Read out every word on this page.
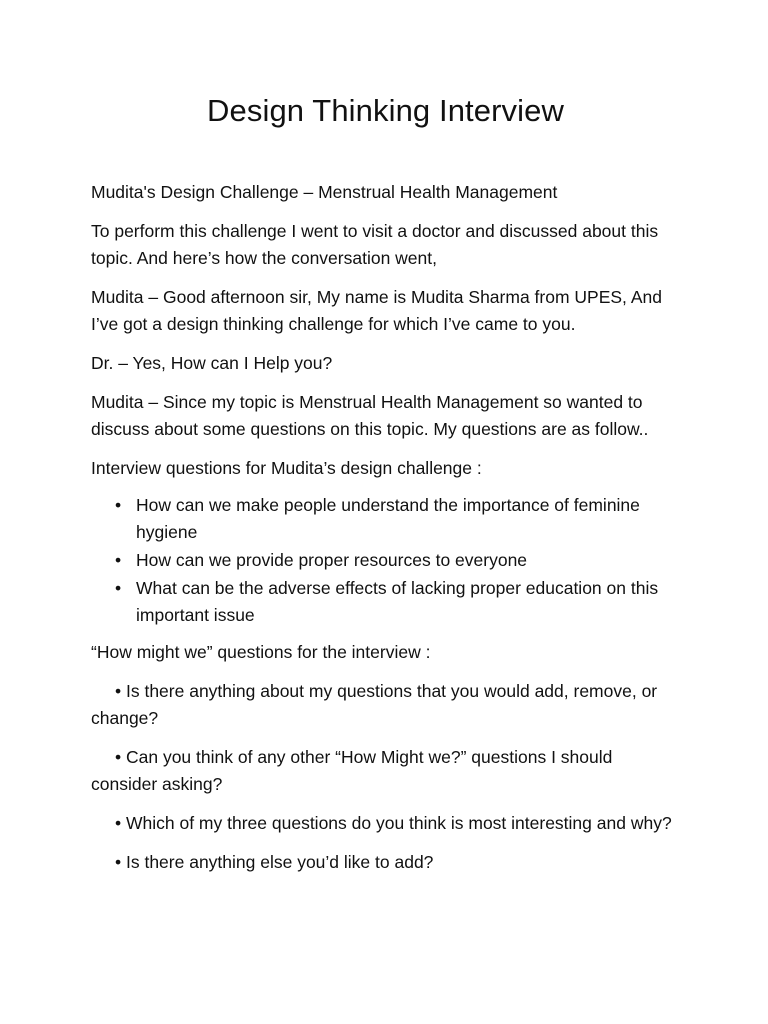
Design Thinking Interview

Mudita's Design Challenge – Menstrual Health Management

To perform this challenge I went to visit a doctor and discussed about this topic. And here’s how the conversation went,

Mudita – Good afternoon sir, My name is Mudita Sharma from UPES, And I’ve got a design thinking challenge for which I’ve came to you.

Dr. – Yes, How can I Help you?

Mudita – Since my topic is Menstrual Health Management so wanted to discuss about some questions on this topic. My questions are as follow..

Interview questions for Mudita’s design challenge :

• How can we make people understand the importance of feminine hygiene
• How can we provide proper resources to everyone
• What can be the adverse effects of lacking proper education on this important issue

“How might we” questions for the interview :

• Is there anything about my questions that you would add, remove, or change?

• Can you think of any other “How Might we?” questions I should consider asking?

• Which of my three questions do you think is most interesting and why?

• Is there anything else you’d like to add?
